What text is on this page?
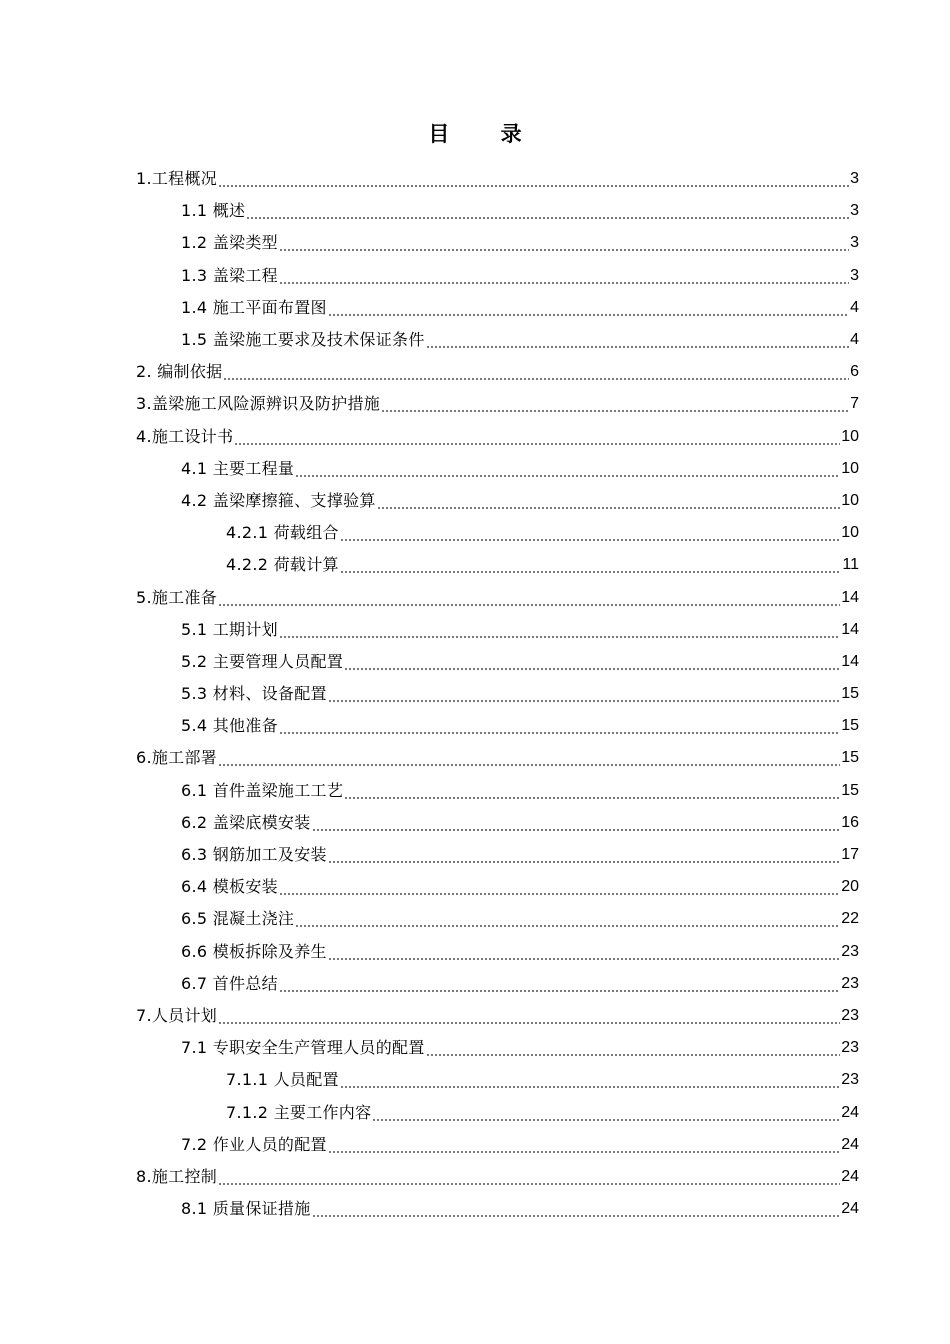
目 录
1.工程概况	3
1.1 概述	3
1.2 盖梁类型	3
1.3 盖梁工程	3
1.4 施工平面布置图	4
1.5 盖梁施工要求及技术保证条件	4
2. 编制依据	6
3.盖梁施工风险源辨识及防护措施	7
4.施工设计书	10
4.1 主要工程量	10
4.2 盖梁摩擦箍、支撑验算	10
4.2.1 荷载组合	10
4.2.2 荷载计算	11
5.施工准备	14
5.1 工期计划	14
5.2 主要管理人员配置	14
5.3 材料、设备配置	15
5.4 其他准备	15
6.施工部署	15
6.1 首件盖梁施工工艺	15
6.2 盖梁底模安装	16
6.3 钢筋加工及安装	17
6.4 模板安装	20
6.5 混凝土浇注	22
6.6 模板拆除及养生	23
6.7 首件总结	23
7.人员计划	23
7.1 专职安全生产管理人员的配置	23
7.1.1 人员配置	23
7.1.2 主要工作内容	24
7.2 作业人员的配置	24
8.施工控制	24
8.1 质量保证措施	24
